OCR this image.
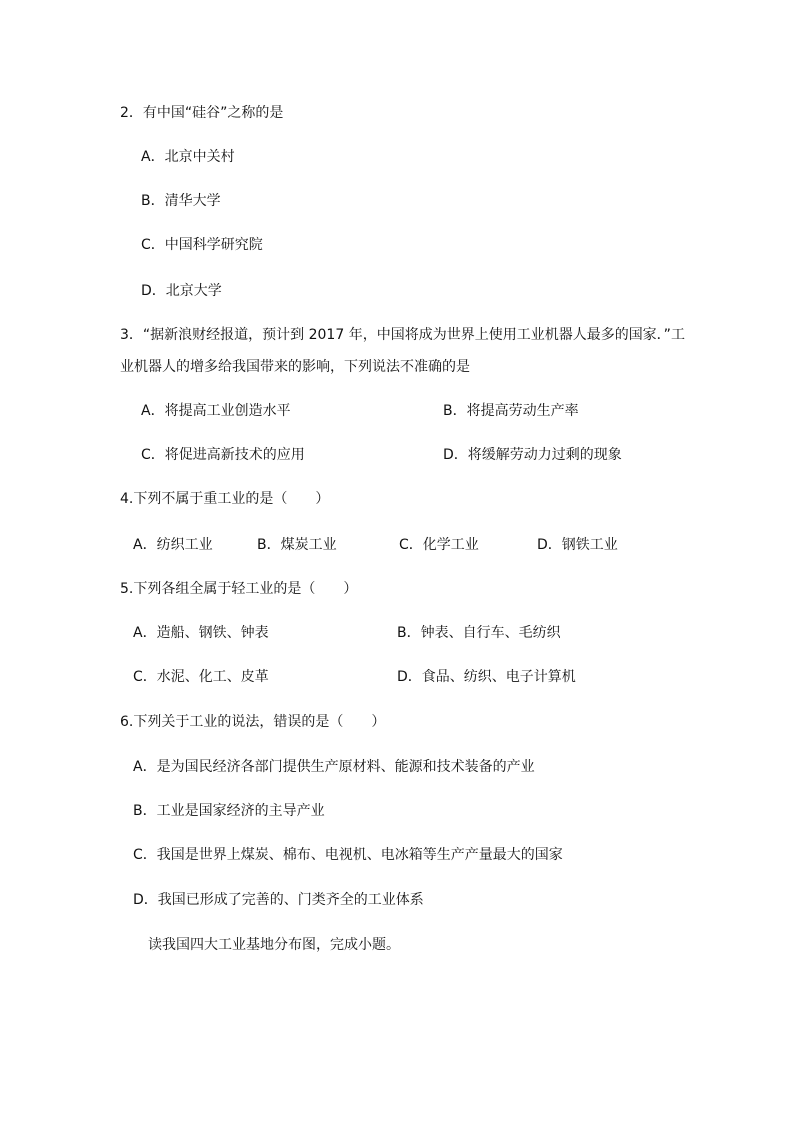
2．有中国“硅谷”之称的是
A．北京中关村
B．清华大学
C．中国科学研究院
D．北京大学
3．“据新浪财经报道，预计到 2017 年，中国将成为世界上使用工业机器人最多的国家．”工
业机器人的增多给我国带来的影响，下列说法不准确的是
A．将提高工业创造水平	B．将提高劳动生产率
C．将促进高新技术的应用	D．将缓解劳动力过剩的现象
4.下列不属于重工业的是（　　）
A．纺织工业	B．煤炭工业	C．化学工业	D．钢铁工业
5.下列各组全属于轻工业的是（　　）
A．造船、钢铁、钟表	B．钟表、自行车、毛纺织
C．水泥、化工、皮革	D．食品、纺织、电子计算机
6.下列关于工业的说法，错误的是（　　）
A．是为国民经济各部门提供生产原材料、能源和技术装备的产业
B．工业是国家经济的主导产业
C．我国是世界上煤炭、棉布、电视机、电冰箱等生产产量最大的国家
D．我国已形成了完善的、门类齐全的工业体系
读我国四大工业基地分布图，完成小题。
